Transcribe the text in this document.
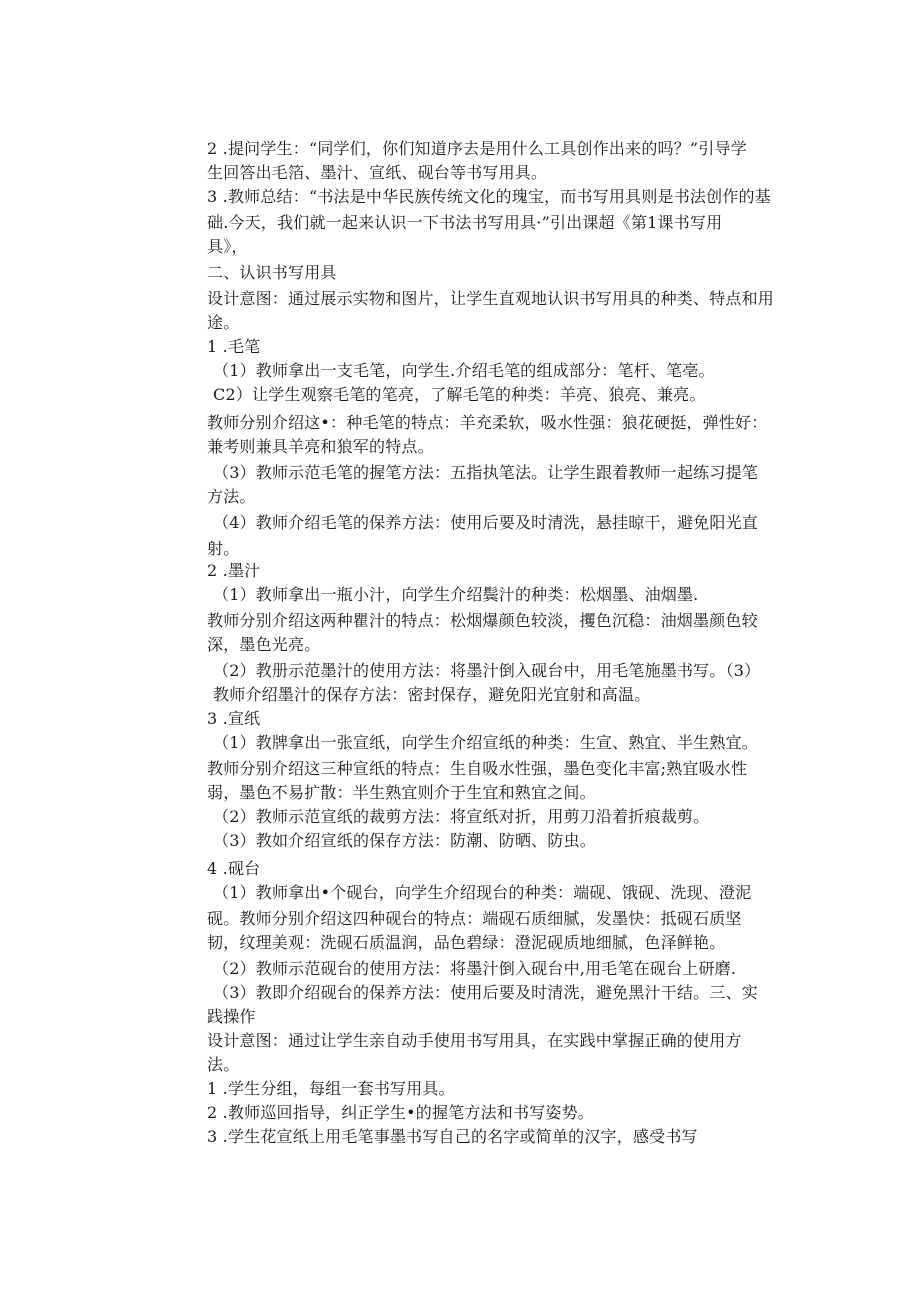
2 .提问学生：“同学们，你们知道序去是用什么工具创作出来的吗？”引导学
生回答出毛箔、墨汁、宣纸、砚台等书写用具。
3 .教师总结：“书法是中华民族传统文化的瑰宝，而书写用具则是书法创作的基
础.今天，我们就一起来认识一下书法书写用具·”引出课超《第1课书写用
具》，
二、认识书写用具
设计意图：通过展示实物和图片，让学生直观地认识书写用具的种类、特点和用
途。
1 .毛笔
（1）教师拿出一支毛笔，向学生.介绍毛笔的组成部分：笔杆、笔亳。
C2）让学生观察毛笔的笔亮，了解毛笔的种类：羊亮、狼亮、兼亮。
教师分别介绍这•：种毛笔的特点：羊充柔软，吸水性强：狼花硬挺，弹性好：
兼考则兼具羊亮和狼军的特点。
（3）教师示范毛笔的握笔方法：五指执笔法。让学生跟着教师一起练习提笔
方法。
（4）教师介绍毛笔的保养方法：使用后要及时清洗，悬挂晾干，避免阳光直
射。
2 .墨汁
（1）教师拿出一瓶小汁，向学生介绍鬓汁的种类：松烟墨、油烟墨.
教师分别介绍这两种瞿汁的特点：松烟爆颜色较淡，攫色沉稳：油烟墨颜色较
深，墨色光亮。
（2）教册示范墨汁的使用方法：将墨汁倒入砚台中，用毛笔施墨书写。（3）
教师介绍墨汁的保存方法：密封保存，避免阳光宜射和高温。
3 .宣纸
（1）教牌拿出一张宣纸，向学生介绍宣纸的种类：生宣、熟宜、半生熟宜。
教师分别介绍这三种宣纸的特点：生自吸水性强，墨色变化丰富;熟宜吸水性
弱，墨色不易扩散：半生熟宜则介于生宜和熟宜之间。
（2）教师示范宣纸的裁剪方法：将宣纸对折，用剪刀沿着折痕裁剪。
（3）教如介绍宣纸的保存方法：防潮、防晒、防虫。
4 .砚台
（1）教师拿出•个砚台，向学生介绍现台的种类：端砚、饿砚、洗现、澄泥
砚。教师分别介绍这四种砚台的特点：端砚石质细腻，发墨快：抵砚石质坚
韧，纹理美观：洗砚石质温润，品色碧绿：澄泥砚质地细腻，色泽鲜艳。
（2）教师示范砚台的使用方法：将墨汁倒入砚台中,用毛笔在砚台上研磨.
（3）教即介绍砚台的保养方法：使用后要及时清洗，避免黑汁干结。三、实
践操作
设计意图：通过让学生亲自动手使用书写用具，在实践中掌握正确的使用方
法。
1 .学生分组，每组一套书写用具。
2 .教师巡回指导，纠正学生•的握笔方法和书写姿势。
3 .学生花宣纸上用毛笔事墨书写自己的名字或简单的汉字，感受书写
